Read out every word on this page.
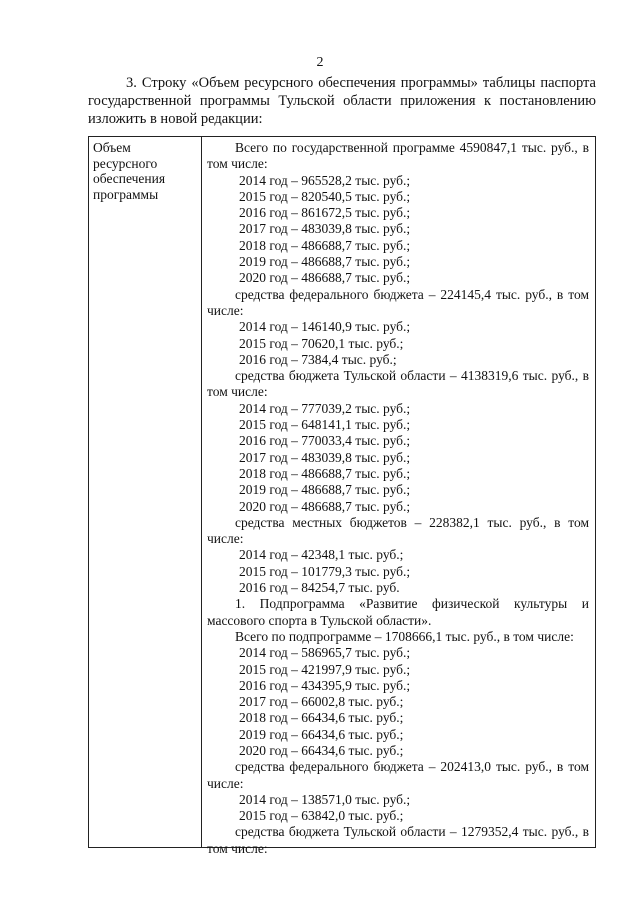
2

3. Строку «Объем ресурсного обеспечения программы» таблицы паспорта государственной программы Тульской области приложения к постановлению изложить в новой редакции:

Объем ресурсного обеспечения программы

Всего по государственной программе 4590847,1 тыс. руб., в том числе:

2014 год – 965528,2 тыс. руб.;

2015 год – 820540,5 тыс. руб.;

2016 год – 861672,5 тыс. руб.;

2017 год – 483039,8 тыс. руб.;

2018 год – 486688,7 тыс. руб.;

2019 год – 486688,7 тыс. руб.;

2020 год – 486688,7 тыс. руб.;

средства федерального бюджета – 224145,4 тыс. руб., в том числе:

2014 год – 146140,9 тыс. руб.;

2015 год – 70620,1 тыс. руб.;

2016 год – 7384,4 тыс. руб.;

средства бюджета Тульской области – 4138319,6 тыс. руб., в том числе:

2014 год – 777039,2 тыс. руб.;

2015 год – 648141,1 тыс. руб.;

2016 год – 770033,4 тыс. руб.;

2017 год – 483039,8 тыс. руб.;

2018 год – 486688,7 тыс. руб.;

2019 год – 486688,7 тыс. руб.;

2020 год – 486688,7 тыс. руб.;

средства местных бюджетов – 228382,1 тыс. руб., в том числе:

2014 год – 42348,1 тыс. руб.;

2015 год – 101779,3 тыс. руб.;

2016 год – 84254,7 тыс. руб.

1. Подпрограмма «Развитие физической культуры и массового спорта в Тульской области».

Всего по подпрограмме – 1708666,1 тыс. руб., в том числе:

2014 год – 586965,7 тыс. руб.;

2015 год – 421997,9 тыс. руб.;

2016 год – 434395,9 тыс. руб.;

2017 год – 66002,8 тыс. руб.;

2018 год – 66434,6 тыс. руб.;

2019 год – 66434,6 тыс. руб.;

2020 год – 66434,6 тыс. руб.;

средства федерального бюджета – 202413,0 тыс. руб., в том числе:

2014 год – 138571,0 тыс. руб.;

2015 год – 63842,0 тыс. руб.;

средства бюджета Тульской области – 1279352,4 тыс. руб., в том числе:
